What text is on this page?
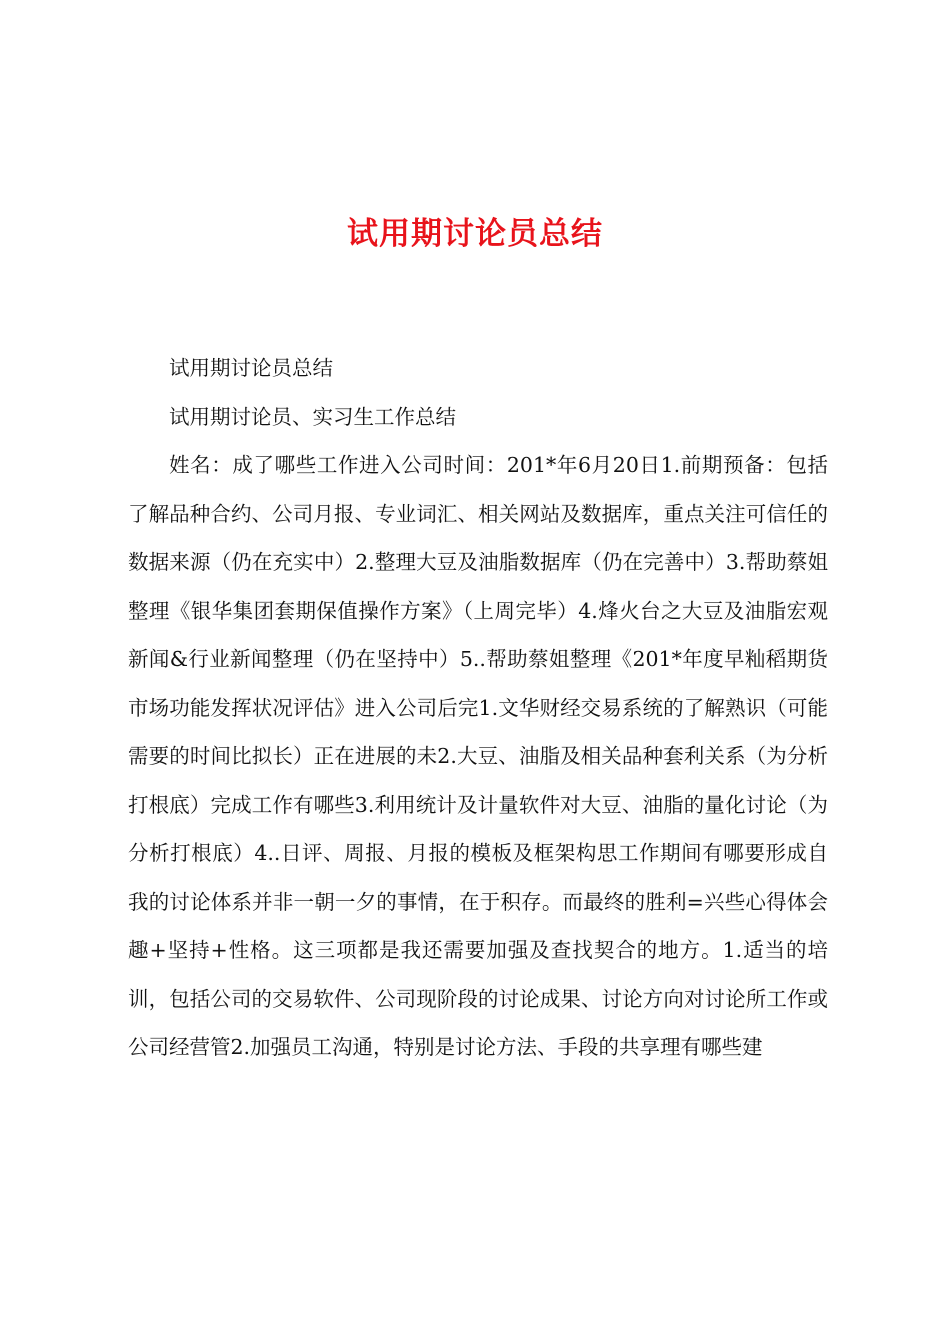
试用期讨论员总结

试用期讨论员总结

试用期讨论员、实习生工作总结

姓名：成了哪些工作进入公司时间：201*年6月20日1.前期预备：包括了解品种合约、公司月报、专业词汇、相关网站及数据库，重点关注可信任的数据来源（仍在充实中）2.整理大豆及油脂数据库（仍在完善中）3.帮助蔡姐整理《银华集团套期保值操作方案》（上周完毕）4.烽火台之大豆及油脂宏观新闻&行业新闻整理（仍在坚持中）5..帮助蔡姐整理《201*年度早籼稻期货市场功能发挥状况评估》进入公司后完1.文华财经交易系统的了解熟识（可能需要的时间比拟长）正在进展的未2.大豆、油脂及相关品种套利关系（为分析打根底）完成工作有哪些3.利用统计及计量软件对大豆、油脂的量化讨论（为分析打根底）4..日评、周报、月报的模板及框架构思工作期间有哪要形成自我的讨论体系并非一朝一夕的事情，在于积存。而最终的胜利=兴些心得体会趣+坚持+性格。这三项都是我还需要加强及查找契合的地方。1.适当的培训，包括公司的交易软件、公司现阶段的讨论成果、讨论方向对讨论所工作或公司经营管2.加强员工沟通，特别是讨论方法、手段的共享理有哪些建
